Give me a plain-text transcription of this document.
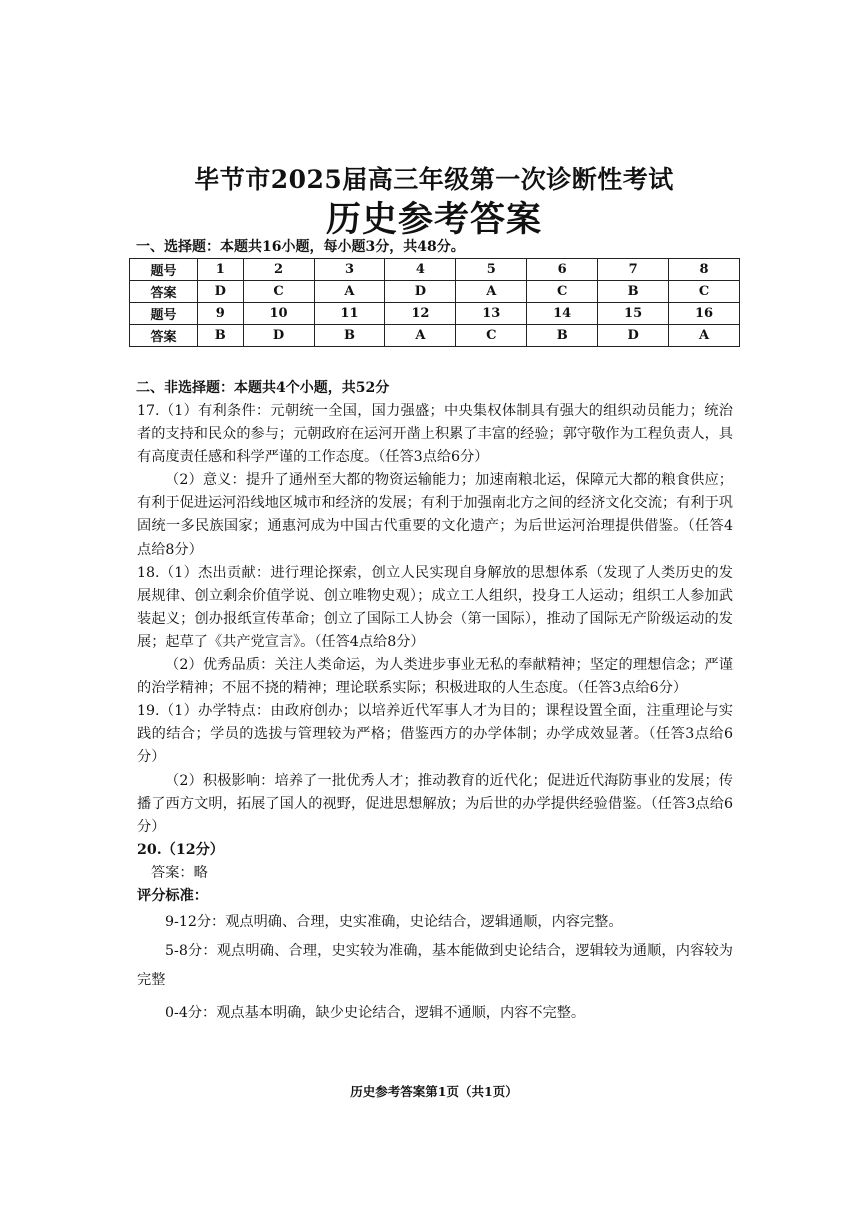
毕节市2025届高三年级第一次诊断性考试
历史参考答案
一、选择题：本题共16小题，每小题3分，共48分。
题号	1	2	3	4	5	6	7	8
答案	D	C	A	D	A	C	B	C
题号	9	10	11	12	13	14	15	16
答案	B	D	B	A	C	B	D	A
二、非选择题：本题共4个小题，共52分

17.（1）有利条件：元朝统一全国，国力强盛；中央集权体制具有强大的组织动员能力；统治者的支持和民众的参与；元朝政府在运河开凿上积累了丰富的经验；郭守敬作为工程负责人，具有高度责任感和科学严谨的工作态度。（任答3点给6分）

（2）意义：提升了通州至大都的物资运输能力；加速南粮北运，保障元大都的粮食供应；有利于促进运河沿线地区城市和经济的发展；有利于加强南北方之间的经济文化交流；有利于巩固统一多民族国家；通惠河成为中国古代重要的文化遗产；为后世运河治理提供借鉴。（任答4点给8分）

18.（1）杰出贡献：进行理论探索，创立人民实现自身解放的思想体系（发现了人类历史的发展规律、创立剩余价值学说、创立唯物史观）；成立工人组织，投身工人运动；组织工人参加武装起义；创办报纸宣传革命；创立了国际工人协会（第一国际），推动了国际无产阶级运动的发展；起草了《共产党宣言》。（任答4点给8分）

（2）优秀品质：关注人类命运，为人类进步事业无私的奉献精神；坚定的理想信念；严谨的治学精神；不屈不挠的精神；理论联系实际；积极进取的人生态度。（任答3点给6分）

19.（1）办学特点：由政府创办；以培养近代军事人才为目的；课程设置全面，注重理论与实践的结合；学员的选拔与管理较为严格；借鉴西方的办学体制；办学成效显著。（任答3点给6分）

（2）积极影响：培养了一批优秀人才；推动教育的近代化；促进近代海防事业的发展；传播了西方文明，拓展了国人的视野，促进思想解放；为后世的办学提供经验借鉴。（任答3点给6分）

20.（12分）

答案：略

评分标准：

9-12分：观点明确、合理，史实准确，史论结合，逻辑通顺，内容完整。

5-8分：观点明确、合理，史实较为准确，基本能做到史论结合，逻辑较为通顺，内容较为完整

0-4分：观点基本明确，缺少史论结合，逻辑不通顺，内容不完整。

历史参考答案第1页（共1页）
